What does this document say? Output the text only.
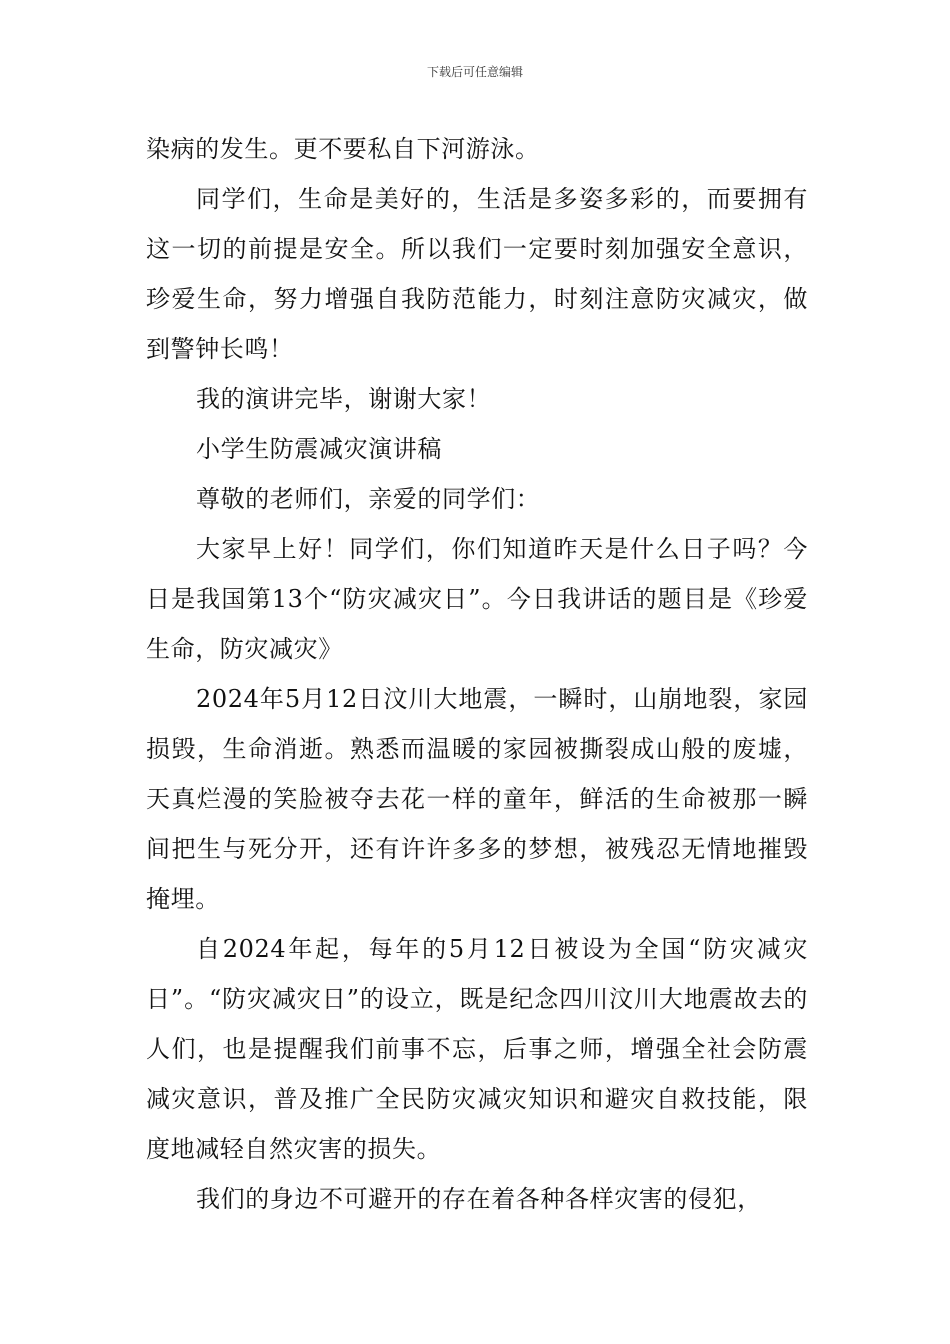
下载后可任意编辑

染病的发生。更不要私自下河游泳。

同学们，生命是美好的，生活是多姿多彩的，而要拥有这一切的前提是安全。所以我们一定要时刻加强安全意识，珍爱生命，努力增强自我防范能力，时刻注意防灾减灾，做到警钟长鸣！

我的演讲完毕，谢谢大家！

小学生防震减灾演讲稿

尊敬的老师们，亲爱的同学们：

大家早上好！同学们，你们知道昨天是什么日子吗？今日是我国第13个“防灾减灾日”。今日我讲话的题目是《珍爱生命，防灾减灾》

2024年5月12日汶川大地震，一瞬时，山崩地裂，家园损毁，生命消逝。熟悉而温暖的家园被撕裂成山般的废墟，天真烂漫的笑脸被夺去花一样的童年，鲜活的生命被那一瞬间把生与死分开，还有许许多多的梦想，被残忍无情地摧毁掩埋。

自2024年起，每年的5月12日被设为全国“防灾减灾日”。“防灾减灾日”的设立，既是纪念四川汶川大地震故去的人们，也是提醒我们前事不忘，后事之师，增强全社会防震减灾意识，普及推广全民防灾减灾知识和避灾自救技能，限度地减轻自然灾害的损失。

我们的身边不可避开的存在着各种各样灾害的侵犯，
